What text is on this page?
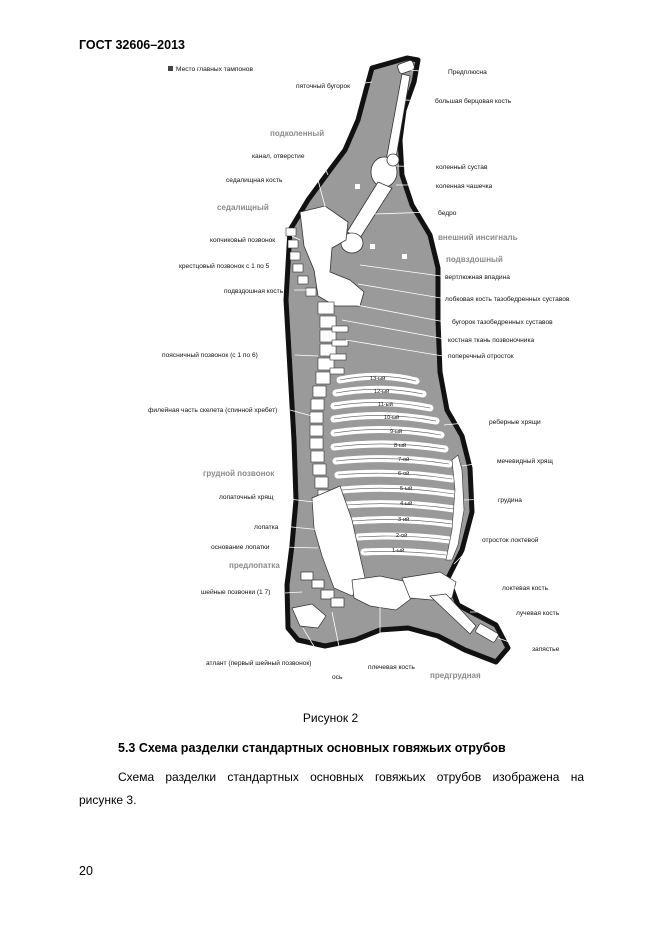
ГОСТ 32606–2013
Место главных тампонов
пяточный бугорок
канал, отверстие
седалищная кость
копчиковый позвонок
крестцовый позвонок с 1 по 5
подвздошная кость
поясничный позвонок (с 1 по 6)
филейная часть скелета (спинной хребет)
лопаточный хрящ
лопатка
основание лопатки
шейные позвонки (1 7)
атлант (первый шейный позвонок)
ось
плечевая кость
Предплюсна
большая берцовая кость
коленный сустав
коленная чашечка
бедро
вертлюжная впадина
лобковая кость тазобедренных суставов
бугорок тазобедренных суставов
костная ткань позвоночника
поперечный отросток
реберные хрящи
мечевидный хрящ
грудина
отросток локтевой
локтевая кость
лучевая кость
запястье
подколенный
седалищный
внешний инсигналь
подвздошный
грудной позвонок
предлопатка
предгрудная
13-ый
12-ый
11-ый
10-ый
9-ый
8-ый
7-ой
6-ой
5-ый
4-ый
3-ий
2-ой
1-ый
Рисунок 2
5.3 Схема разделки стандартных основных говяжьих отрубов
Схема разделки стандартных основных говяжьих отрубов изображена на
рисунке 3.
20
